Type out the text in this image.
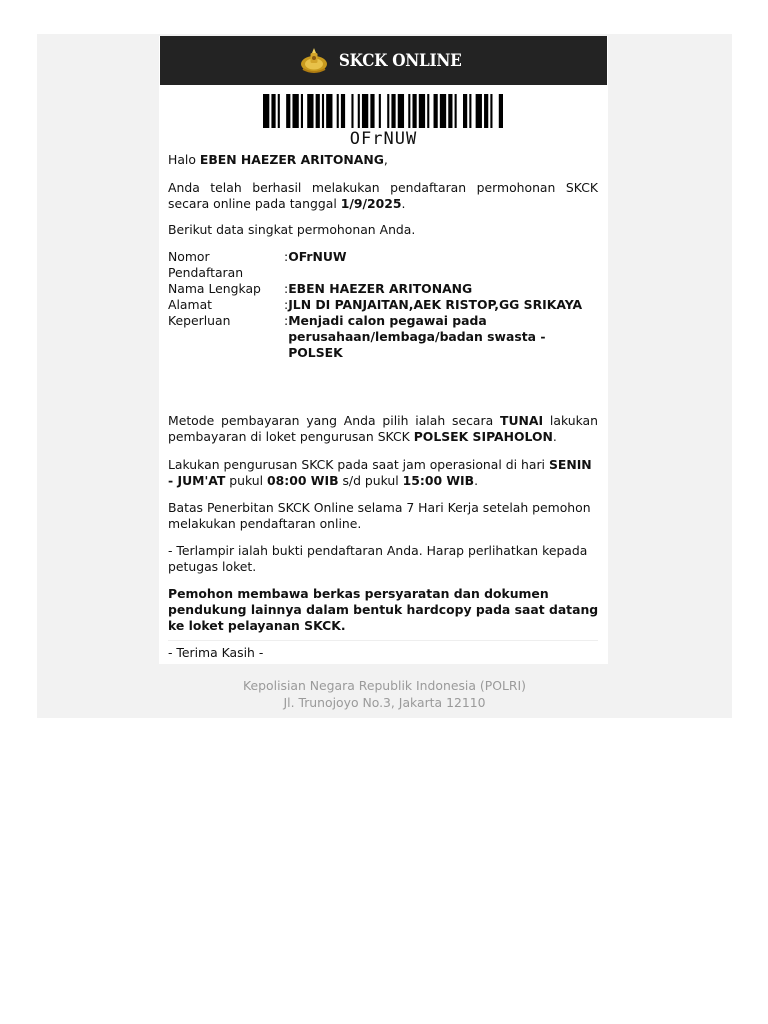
SKCK ONLINE
OFrNUW

Halo EBEN HAEZER ARITONANG,

Anda telah berhasil melakukan pendaftaran permohonan SKCK secara online pada tanggal 1/9/2025.

Berikut data singkat permohonan Anda.

Nomor Pendaftaran
:OFrNUW
Nama Lengkap	:EBEN HAEZER ARITONANG
Alamat	:JLN DI PANJAITAN,AEK RISTOP,GG SRIKAYA
Keperluan	: Menjadi calon pegawai pada perusahaan/lembaga/badan swasta - POLSEK

Metode pembayaran yang Anda pilih ialah secara TUNAI lakukan pembayaran di loket pengurusan SKCK POLSEK SIPAHOLON.

Lakukan pengurusan SKCK pada saat jam operasional di hari SENIN - JUM'AT pukul 08:00 WIB s/d pukul 15:00 WIB.

Batas Penerbitan SKCK Online selama 7 Hari Kerja setelah pemohon melakukan pendaftaran online.

- Terlampir ialah bukti pendaftaran Anda. Harap perlihatkan kepada petugas loket.

Pemohon membawa berkas persyaratan dan dokumen pendukung lainnya dalam bentuk hardcopy pada saat datang ke loket pelayanan SKCK.

- Terima Kasih -

Kepolisian Negara Republik Indonesia (POLRI)
Jl. Trunojoyo No.3, Jakarta 12110
